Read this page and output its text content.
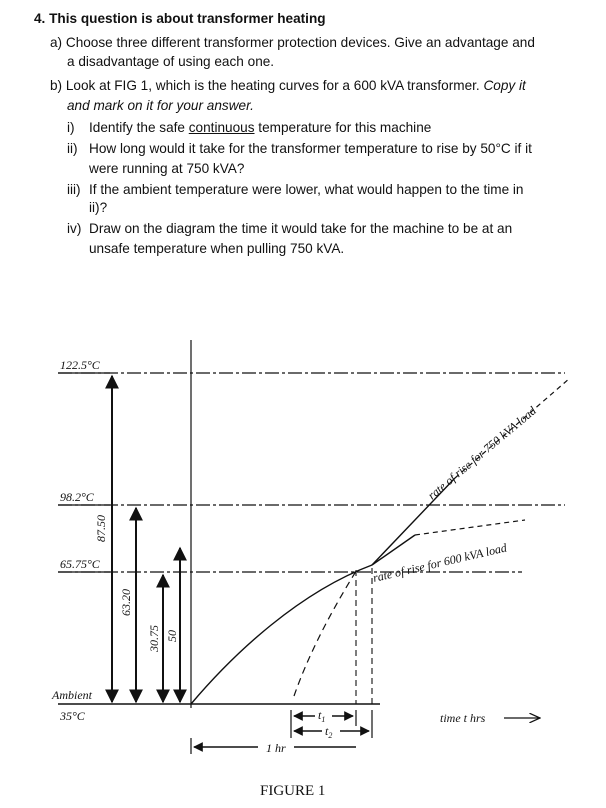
4. This question is about transformer heating
a) Choose three different transformer protection devices. Give an advantage and
a disadvantage of using each one.
b) Look at FIG 1, which is the heating curves for a 600 kVA transformer. Copy it
and mark on it for your answer.
i) Identify the safe continuous temperature for this machine
ii) How long would it take for the transformer temperature to rise by 50°C if it
were running at 750 kVA?
iii) If the ambient temperature were lower, what would happen to the time in
ii)?
iv) Draw on the diagram the time it would take for the machine to be at an
unsafe temperature when pulling 750 kVA.
122.5°C
98.2°C
65.75°C
Ambient
35°C
87.50
63.20
30.75 50
rate of rise for 750 kVA load
rate of rise for 600 kVA load
1 hr
$t_1$
$t_2$
time t hrs
FIGURE 1
